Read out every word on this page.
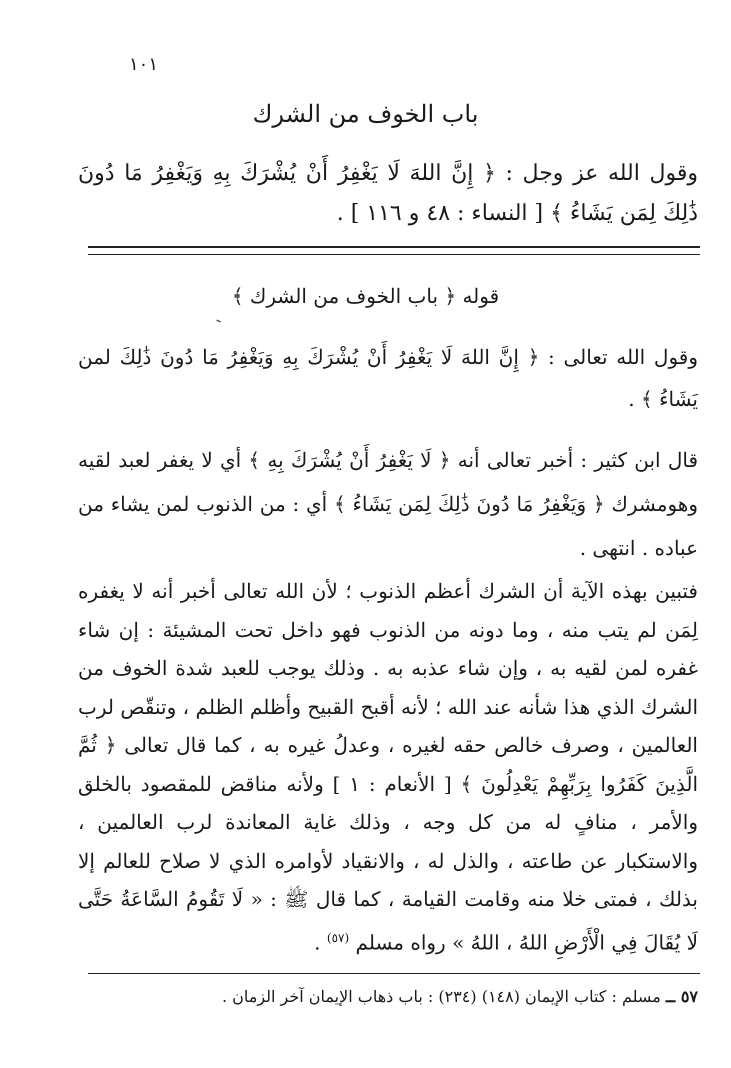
١٠١
باب الخوف من الشرك
وقول الله عز وجل : ﴿ إِنَّ اللهَ لَا يَغْفِرُ أَنْ يُشْرَكَ بِهِ وَيَغْفِرُ مَا دُونَ ذَٰلِكَ لِمَن يَشَاءُ ﴾ [ النساء : ٤٨ و ١١٦ ] .
قوله ﴿ باب الخوف من الشرك ﴾
ـ
وقول الله تعالى : ﴿ إِنَّ اللهَ لَا يَغْفِرُ أَنْ يُشْرَكَ بِهِ وَيَغْفِرُ مَا دُونَ ذَٰلِكَ لمن يَشَاءُ ﴾ .
قال ابن كثير : أخبر تعالى أنه ﴿ لَا يَغْفِرُ أَنْ يُشْرَكَ بِهِ ﴾ أي لا يغفر لعبد لقيه وهومشرك ﴿ وَيَغْفِرُ مَا دُونَ ذَٰلِكَ لِمَن يَشَاءُ ﴾ أي : من الذنوب لمن يشاء من عباده . انتهى .
فتبين بهذه الآية أن الشرك أعظم الذنوب ؛ لأن الله تعالى أخبر أنه لا يغفره لِمَن لم يتب منه ، وما دونه من الذنوب فهو داخل تحت المشيئة : إن شاء غفره لمن لقيه به ، وإن شاء عذبه به . وذلك يوجب للعبد شدة الخوف من الشرك الذي هذا شأنه عند الله ؛ لأنه أقبح القبيح وأظلم الظلم ، وتنقّص لرب العالمين ، وصرف خالص حقه لغيره ، وعدلُ غيره به ، كما قال تعالى ﴿ ثُمَّ الَّذِينَ كَفَرُوا بِرَبِّهِمْ يَعْدِلُونَ ﴾ [ الأنعام : ١ ] ولأنه مناقض للمقصود بالخلق والأمر ، منافٍ له من كل وجه ، وذلك غاية المعاندة لرب العالمين ، والاستكبار عن طاعته ، والذل له ، والانقياد لأوامره الذي لا صلاح للعالم إلا بذلك ، فمتى خلا منه وقامت القيامة ، كما قال ﷺ : « لَا تَقُومُ السَّاعَةُ حَتَّى لَا يُقَالَ فِي الْأَرْضِ اللهُ ، اللهُ » رواه مسلم $^{(٥٧)}$ .
٥٧ ــ مسلم : كتاب الإيمان (١٤٨) (٢٣٤) : باب ذهاب الإيمان آخر الزمان .
